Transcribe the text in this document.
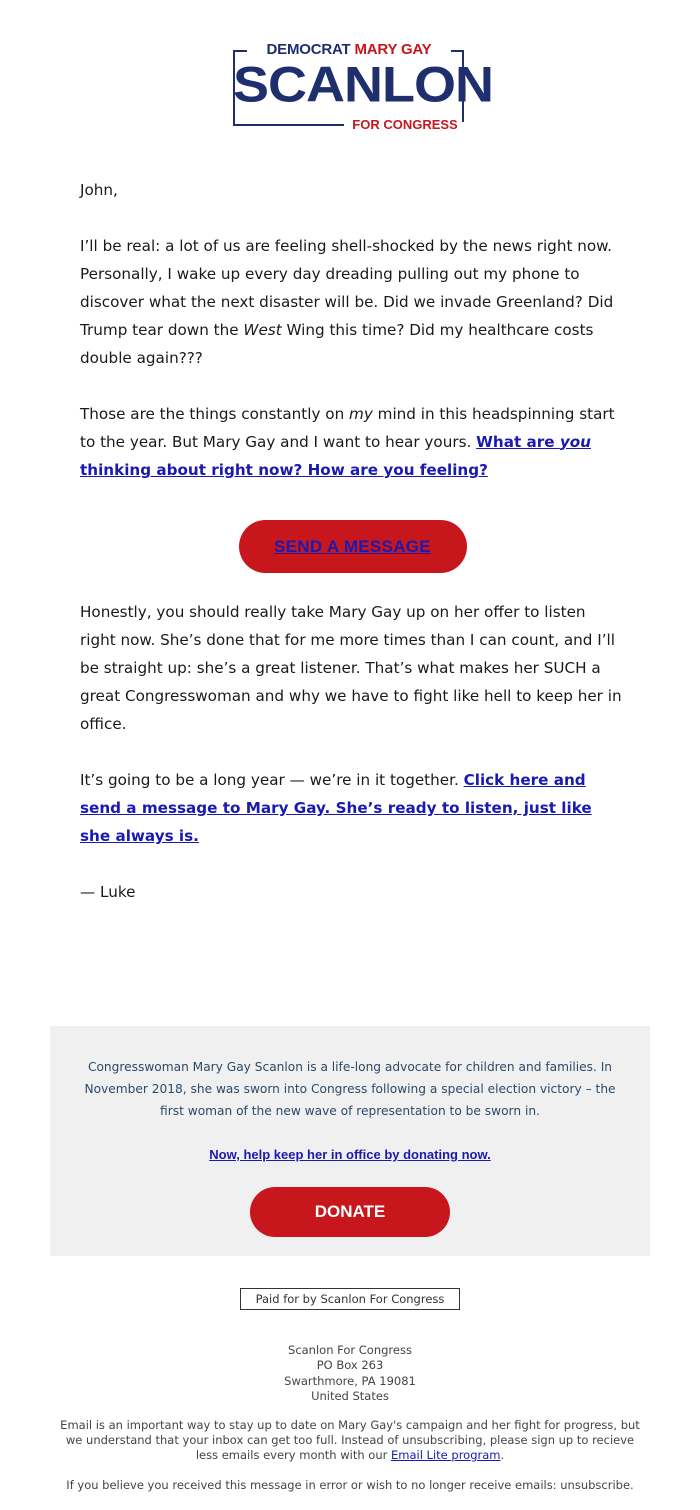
DEMOCRAT MARY GAY
SCANLON
FOR CONGRESS

John,

I’ll be real: a lot of us are feeling shell-shocked by the news right now. Personally, I wake up every day dreading pulling out my phone to discover what the next disaster will be. Did we invade Greenland? Did Trump tear down the West Wing this time? Did my healthcare costs double again???

Those are the things constantly on my mind in this headspinning start to the year. But Mary Gay and I want to hear yours. What are you thinking about right now? How are you feeling?

SEND A MESSAGE

Honestly, you should really take Mary Gay up on her offer to listen right now. She’s done that for me more times than I can count, and I’ll be straight up: she’s a great listener. That’s what makes her SUCH a great Congresswoman and why we have to fight like hell to keep her in office.

It’s going to be a long year — we’re in it together. Click here and send a message to Mary Gay. She’s ready to listen, just like she always is.

— Luke

Congresswoman Mary Gay Scanlon is a life-long advocate for children and families. In November 2018, she was sworn into Congress following a special election victory – the first woman of the new wave of representation to be sworn in.
Now, help keep her in office by donating now.
DONATE
Paid for by Scanlon For Congress
Scanlon For Congress
PO Box 263
Swarthmore, PA 19081
United States
Email is an important way to stay up to date on Mary Gay's campaign and her fight for progress, but we understand that your inbox can get too full. Instead of unsubscribing, please sign up to recieve less emails every month with our Email Lite program.
If you believe you received this message in error or wish to no longer receive emails: unsubscribe.
